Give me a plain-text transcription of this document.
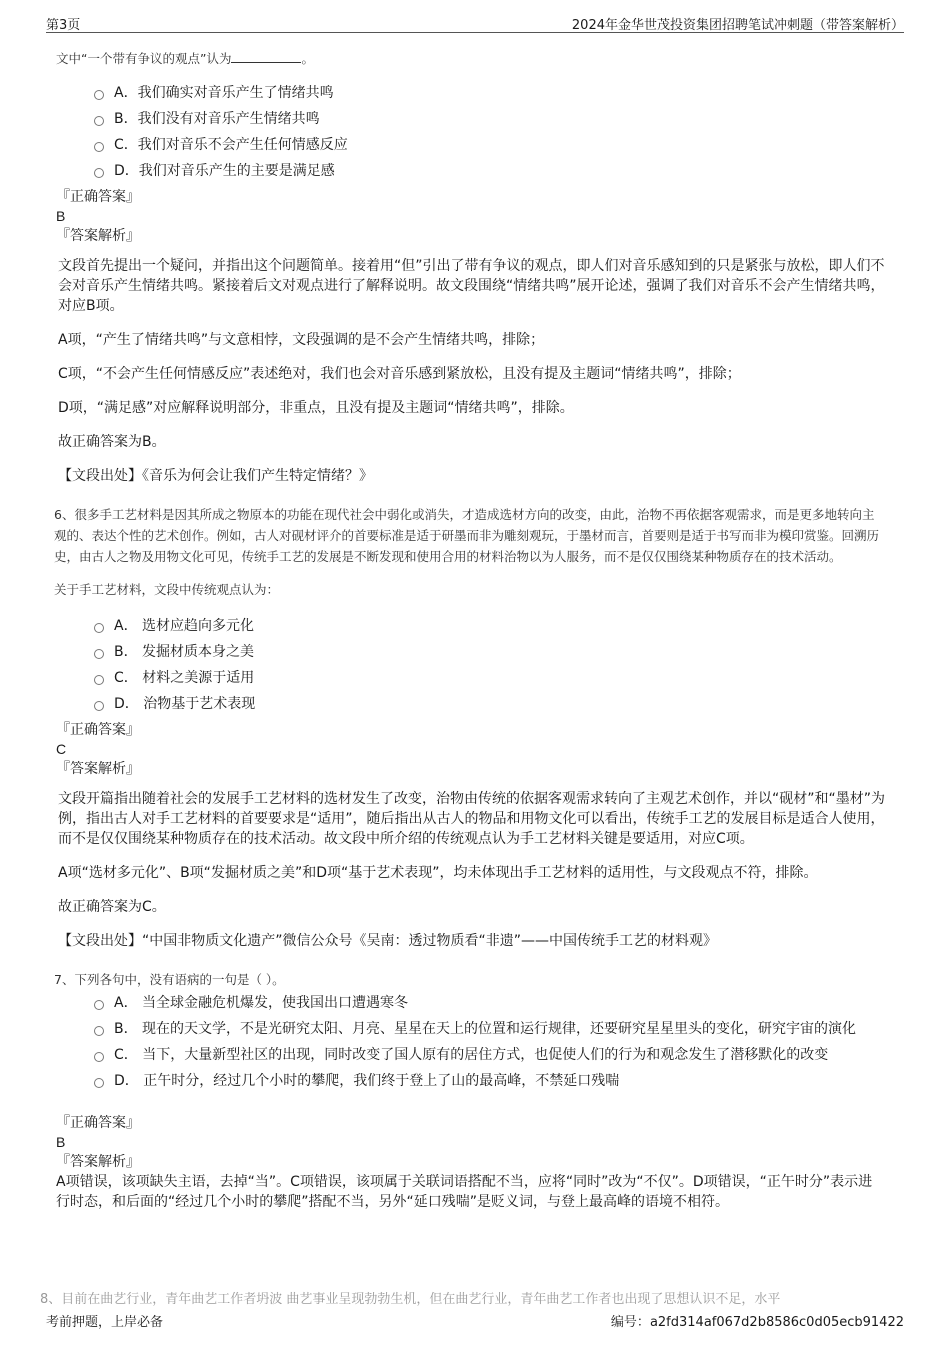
第3页	2024年金华世茂投资集团招聘笔试冲刺题（带答案解析）
文中“一个带有争议的观点”认为	。
A．我们确实对音乐产生了情绪共鸣
B．我们没有对音乐产生情绪共鸣
C．我们对音乐不会产生任何情感反应
D．我们对音乐产生的主要是满足感

『正确答案』

B

『答案解析』

文段首先提出一个疑问，并指出这个问题简单。接着用“但”引出了带有争议的观点，即人们对音乐感知到的只是紧张与放松，即人们不会对音乐产生情绪共鸣。紧接着后文对观点进行了解释说明。故文段围绕“情绪共鸣”展开论述，强调了我们对音乐不会产生情绪共鸣，对应B项。

A项，“产生了情绪共鸣”与文意相悖，文段强调的是不会产生情绪共鸣，排除；

C项，“不会产生任何情感反应”表述绝对，我们也会对音乐感到紧放松，且没有提及主题词“情绪共鸣”，排除；

D项，“满足感”对应解释说明部分，非重点，且没有提及主题词“情绪共鸣”，排除。

故正确答案为B。

【文段出处】《音乐为何会让我们产生特定情绪？》

6、很多手工艺材料是因其所成之物原本的功能在现代社会中弱化或消失，才造成选材方向的改变，由此，治物不再依据客观需求，而是更多地转向主观的、表达个性的艺术创作。例如，古人对砚材评介的首要标准是适于研墨而非为雕刻观玩，于墨材而言，首要则是适于书写而非为模印赏鉴。回溯历史，由古人之物及用物文化可见，传统手工艺的发展是不断发现和使用合用的材料治物以为人服务，而不是仅仅围绕某种物质存在的技术活动。
关于手工艺材料，文段中传统观点认为：
A． 选材应趋向多元化
B． 发掘材质本身之美
C． 材料之美源于适用
D． 治物基于艺术表现

『正确答案』

C

『答案解析』

文段开篇指出随着社会的发展手工艺材料的选材发生了改变，治物由传统的依据客观需求转向了主观艺术创作，并以“砚材”和“墨材”为例，指出古人对手工艺材料的首要要求是“适用”，随后指出从古人的物品和用物文化可以看出，传统手工艺的发展目标是适合人使用，而不是仅仅围绕某种物质存在的技术活动。故文段中所介绍的传统观点认为手工艺材料关键是要适用，对应C项。

A项“选材多元化”、B项“发掘材质之美”和D项“基于艺术表现”，均未体现出手工艺材料的适用性，与文段观点不符，排除。

故正确答案为C。

【文段出处】“中国非物质文化遗产”微信公众号《吴南：透过物质看“非遗”——中国传统手工艺的材料观》

7、下列各句中，没有语病的一句是（ ）。
A． 当全球金融危机爆发，使我国出口遭遇寒冬
B． 现在的天文学，不是光研究太阳、月亮、星星在天上的位置和运行规律，还要研究星星里头的变化，研究宇宙的演化
C． 当下，大量新型社区的出现，同时改变了国人原有的居住方式，也促使人们的行为和观念发生了潜移默化的改变
D． 正午时分，经过几个小时的攀爬，我们终于登上了山的最高峰，不禁延口残喘

『正确答案』

B

『答案解析』

A项错误，该项缺失主语，去掉“当”。C项错误，该项属于关联词语搭配不当，应将“同时”改为“不仅”。D项错误，“正午时分”表示进行时态，和后面的“经过几个小时的攀爬”搭配不当，另外“延口残喘”是贬义词，与登上最高峰的语境不相符。

8、目前在曲艺行业，青年曲艺工作者坍波 曲艺事业呈现勃勃生机，但在曲艺行业，青年曲艺工作者也出现了思想认识不足，水平
考前押题，上岸必备	编号：a2fd314af067d2b8586c0d05ecb91422
